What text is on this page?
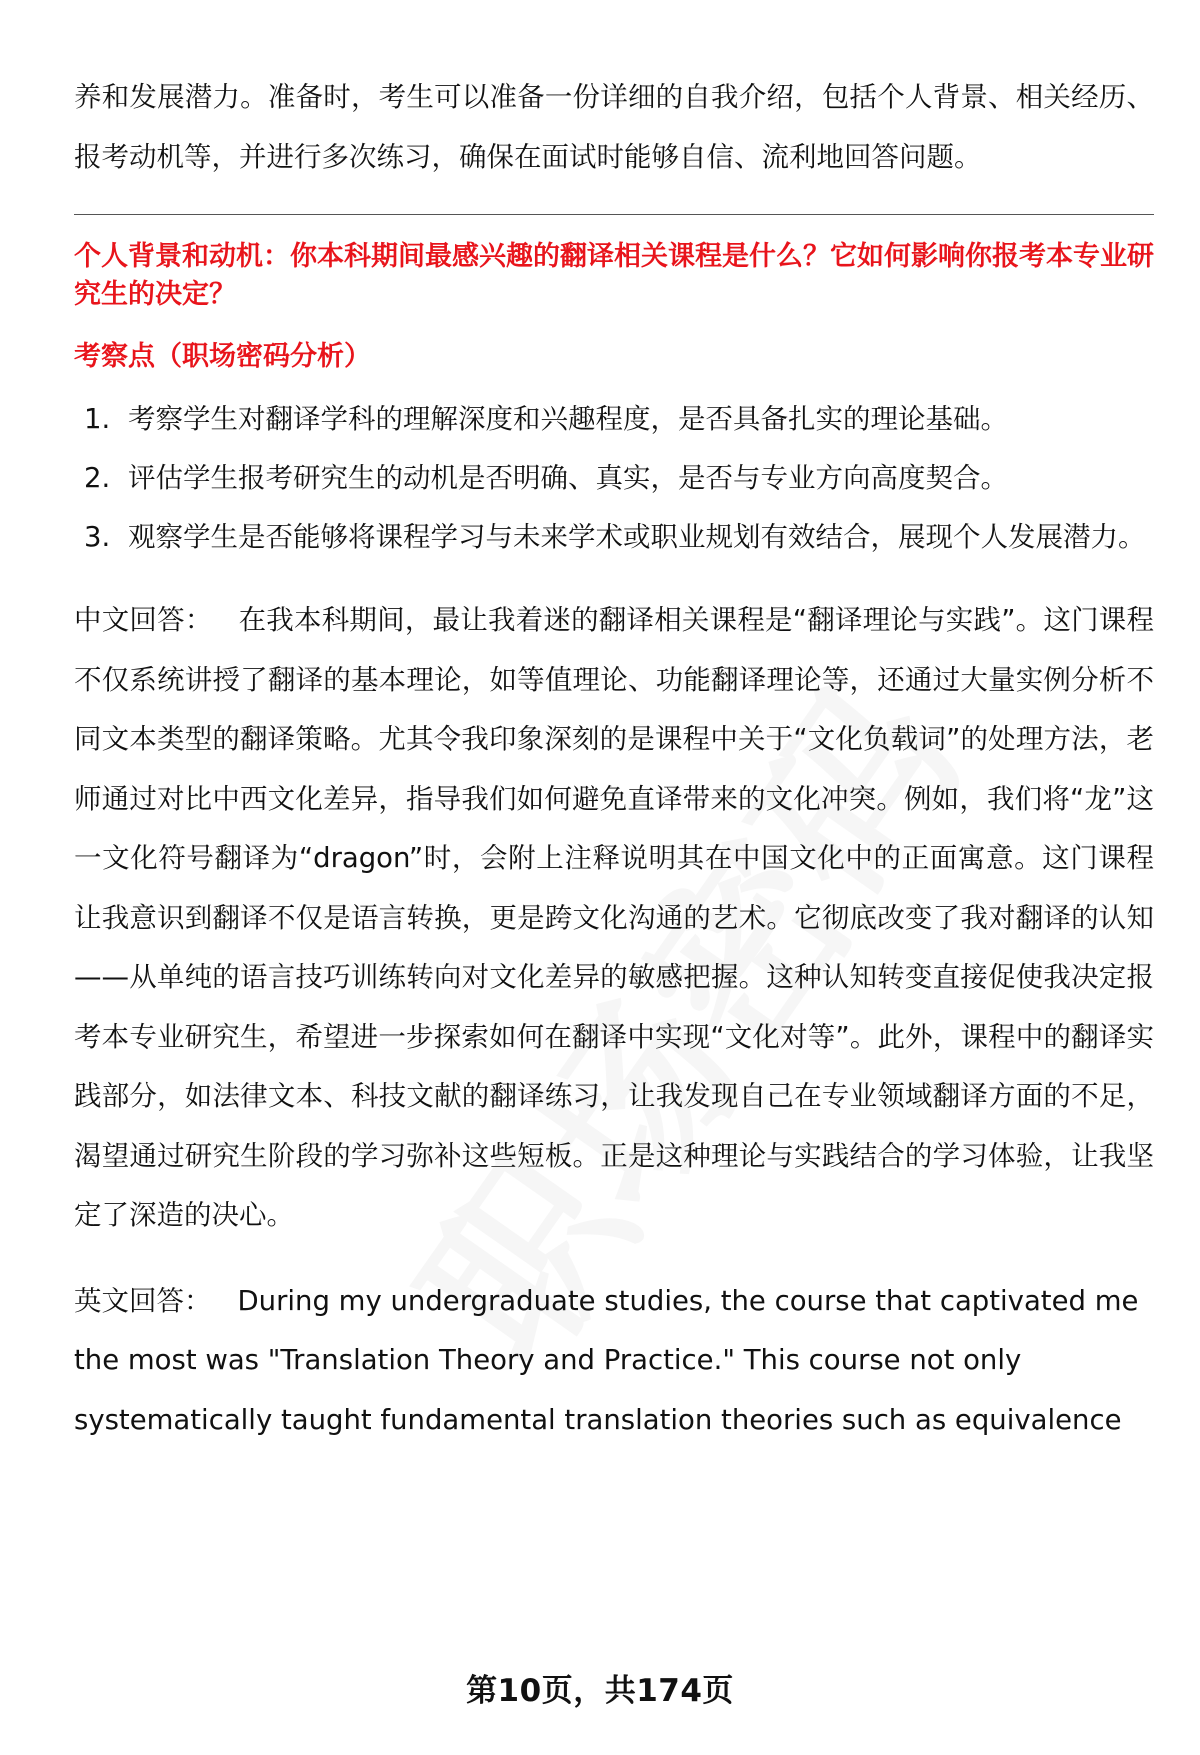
养和发展潜力。准备时，考生可以准备一份详细的自我介绍，包括个人背景、相关经历、报考动机等，并进行多次练习，确保在面试时能够自信、流利地回答问题。

个人背景和动机：你本科期间最感兴趣的翻译相关课程是什么？它如何影响你报考本专业研究生的决定？

考察点（职场密码分析）

1. 考察学生对翻译学科的理解深度和兴趣程度，是否具备扎实的理论基础。
2. 评估学生报考研究生的动机是否明确、真实，是否与专业方向高度契合。
3. 观察学生是否能够将课程学习与未来学术或职业规划有效结合，展现个人发展潜力。

中文回答： 在我本科期间，最让我着迷的翻译相关课程是“翻译理论与实践”。这门课程不仅系统讲授了翻译的基本理论，如等值理论、功能翻译理论等，还通过大量实例分析不同文本类型的翻译策略。尤其令我印象深刻的是课程中关于“文化负载词”的处理方法，老师通过对比中西文化差异，指导我们如何避免直译带来的文化冲突。例如，我们将“龙”这一文化符号翻译为“dragon”时，会附上注释说明其在中国文化中的正面寓意。这门课程让我意识到翻译不仅是语言转换，更是跨文化沟通的艺术。它彻底改变了我对翻译的认知——从单纯的语言技巧训练转向对文化差异的敏感把握。这种认知转变直接促使我决定报考本专业研究生，希望进一步探索如何在翻译中实现“文化对等”。此外，课程中的翻译实践部分，如法律文本、科技文献的翻译练习，让我发现自己在专业领域翻译方面的不足，渴望通过研究生阶段的学习弥补这些短板。正是这种理论与实践结合的学习体验，让我坚定了深造的决心。

英文回答： During my undergraduate studies, the course that captivated me the most was "Translation Theory and Practice." This course not only systematically taught fundamental translation theories such as equivalence

第10页，共174页
